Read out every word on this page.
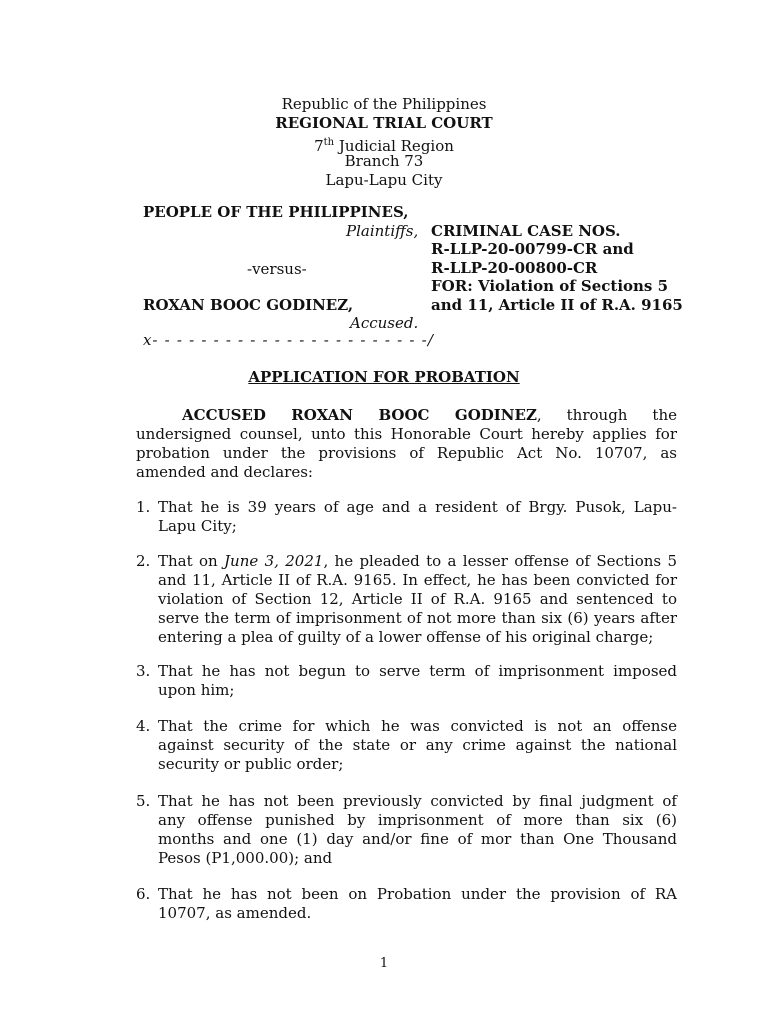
Republic of the Philippines
REGIONAL TRIAL COURT
7th Judicial Region
Branch 73
Lapu-Lapu City
PEOPLE OF THE PHILIPPINES,
Plaintiffs,
-versus-
ROXAN BOOC GODINEZ,
Accused.
x- - - - - - - - - - - - - - - - - - - - - - -/
CRIMINAL CASE NOS.
R-LLP-20-00799-CR and
R-LLP-20-00800-CR
FOR: Violation of Sections 5
and 11, Article II of R.A. 9165
APPLICATION FOR PROBATION
ACCUSED ROXAN BOOC GODINEZ, through the
undersigned counsel, unto this Honorable Court hereby applies for
probation under the provisions of Republic Act No. 10707, as
amended and declares:
1. That he is 39 years of age and a resident of Brgy. Pusok, Lapu-
Lapu City;
2. That on June 3, 2021, he pleaded to a lesser offense of Sections 5
and 11, Article II of R.A. 9165. In effect, he has been convicted for
violation of Section 12, Article II of R.A. 9165 and sentenced to
serve the term of imprisonment of not more than six (6) years after
entering a plea of guilty of a lower offense of his original charge;
3. That he has not begun to serve term of imprisonment imposed
upon him;
4. That the crime for which he was convicted is not an offense
against security of the state or any crime against the national
security or public order;
5. That he has not been previously convicted by final judgment of
any offense punished by imprisonment of more than six (6)
months and one (1) day and/or fine of mor than One Thousand
Pesos (P1,000.00); and
6. That he has not been on Probation under the provision of RA
10707, as amended.
1
